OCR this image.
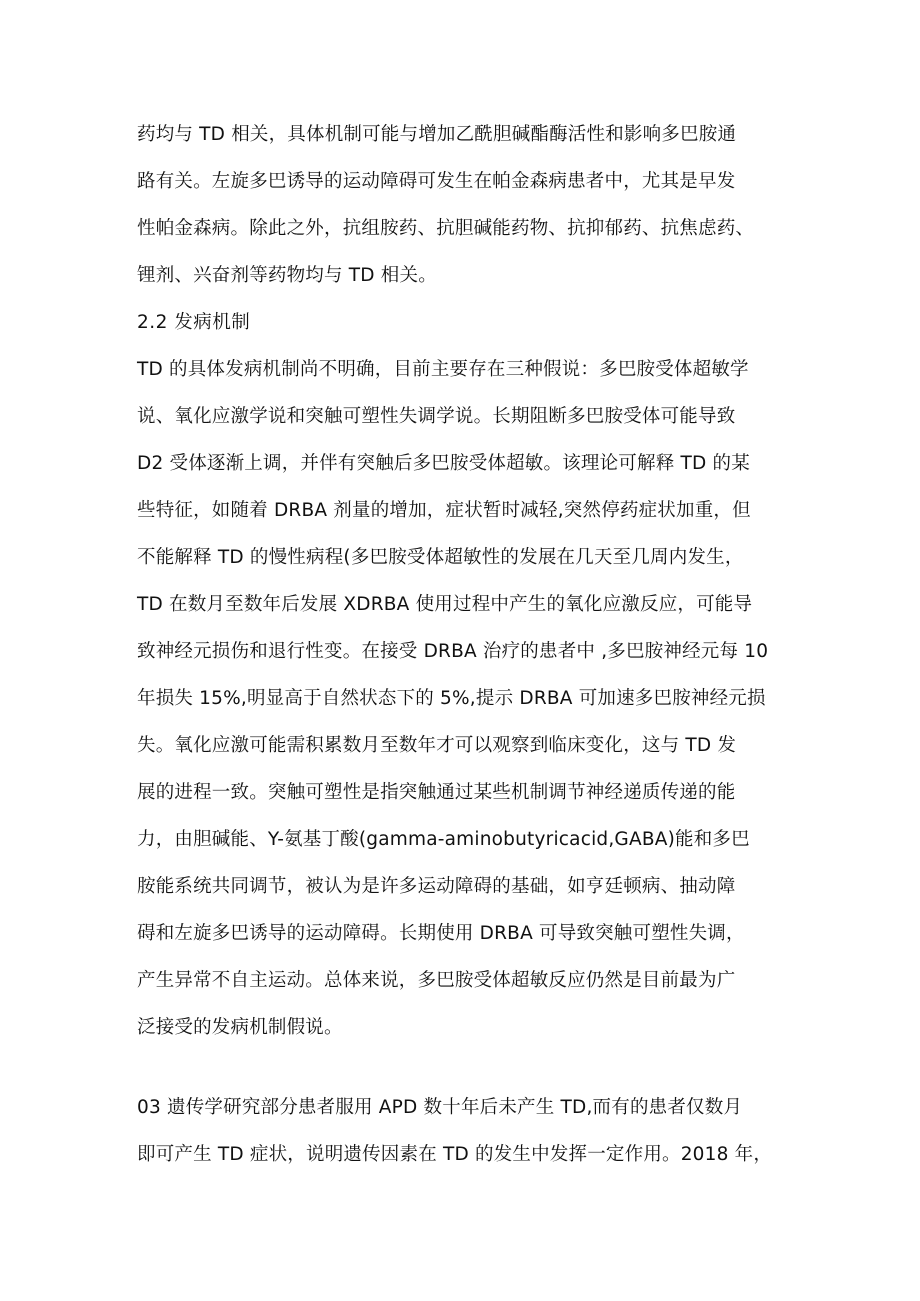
药均与 TD 相关，具体机制可能与增加乙酰胆碱酯酶活性和影响多巴胺通
路有关。左旋多巴诱导的运动障碍可发生在帕金森病患者中，尤其是早发
性帕金森病。除此之外，抗组胺药、抗胆碱能药物、抗抑郁药、抗焦虑药、
锂剂、兴奋剂等药物均与 TD 相关。
2.2 发病机制
TD 的具体发病机制尚不明确，目前主要存在三种假说：多巴胺受体超敏学
说、氧化应激学说和突触可塑性失调学说。长期阻断多巴胺受体可能导致
D2 受体逐渐上调，并伴有突触后多巴胺受体超敏。该理论可解释 TD 的某
些特征，如随着 DRBA 剂量的增加，症状暂时减轻,突然停药症状加重，但
不能解释 TD 的慢性病程(多巴胺受体超敏性的发展在几天至几周内发生，
TD 在数月至数年后发展 XDRBA 使用过程中产生的氧化应激反应，可能导
致神经元损伤和退行性变。在接受 DRBA 治疗的患者中 ,多巴胺神经元每 10
年损失 15%,明显高于自然状态下的 5%,提示 DRBA 可加速多巴胺神经元损
失。氧化应激可能需积累数月至数年才可以观察到临床变化，这与 TD 发
展的进程一致。突触可塑性是指突触通过某些机制调节神经递质传递的能
力，由胆碱能、Y-氨基丁酸(gamma-aminobutyricacid,GABA)能和多巴
胺能系统共同调节，被认为是许多运动障碍的基础，如亨廷顿病、抽动障
碍和左旋多巴诱导的运动障碍。长期使用 DRBA 可导致突触可塑性失调，
产生异常不自主运动。总体来说，多巴胺受体超敏反应仍然是目前最为广
泛接受的发病机制假说。
03 遗传学研究部分患者服用 APD 数十年后未产生 TD,而有的患者仅数月
即可产生 TD 症状，说明遗传因素在 TD 的发生中发挥一定作用。2018 年，
